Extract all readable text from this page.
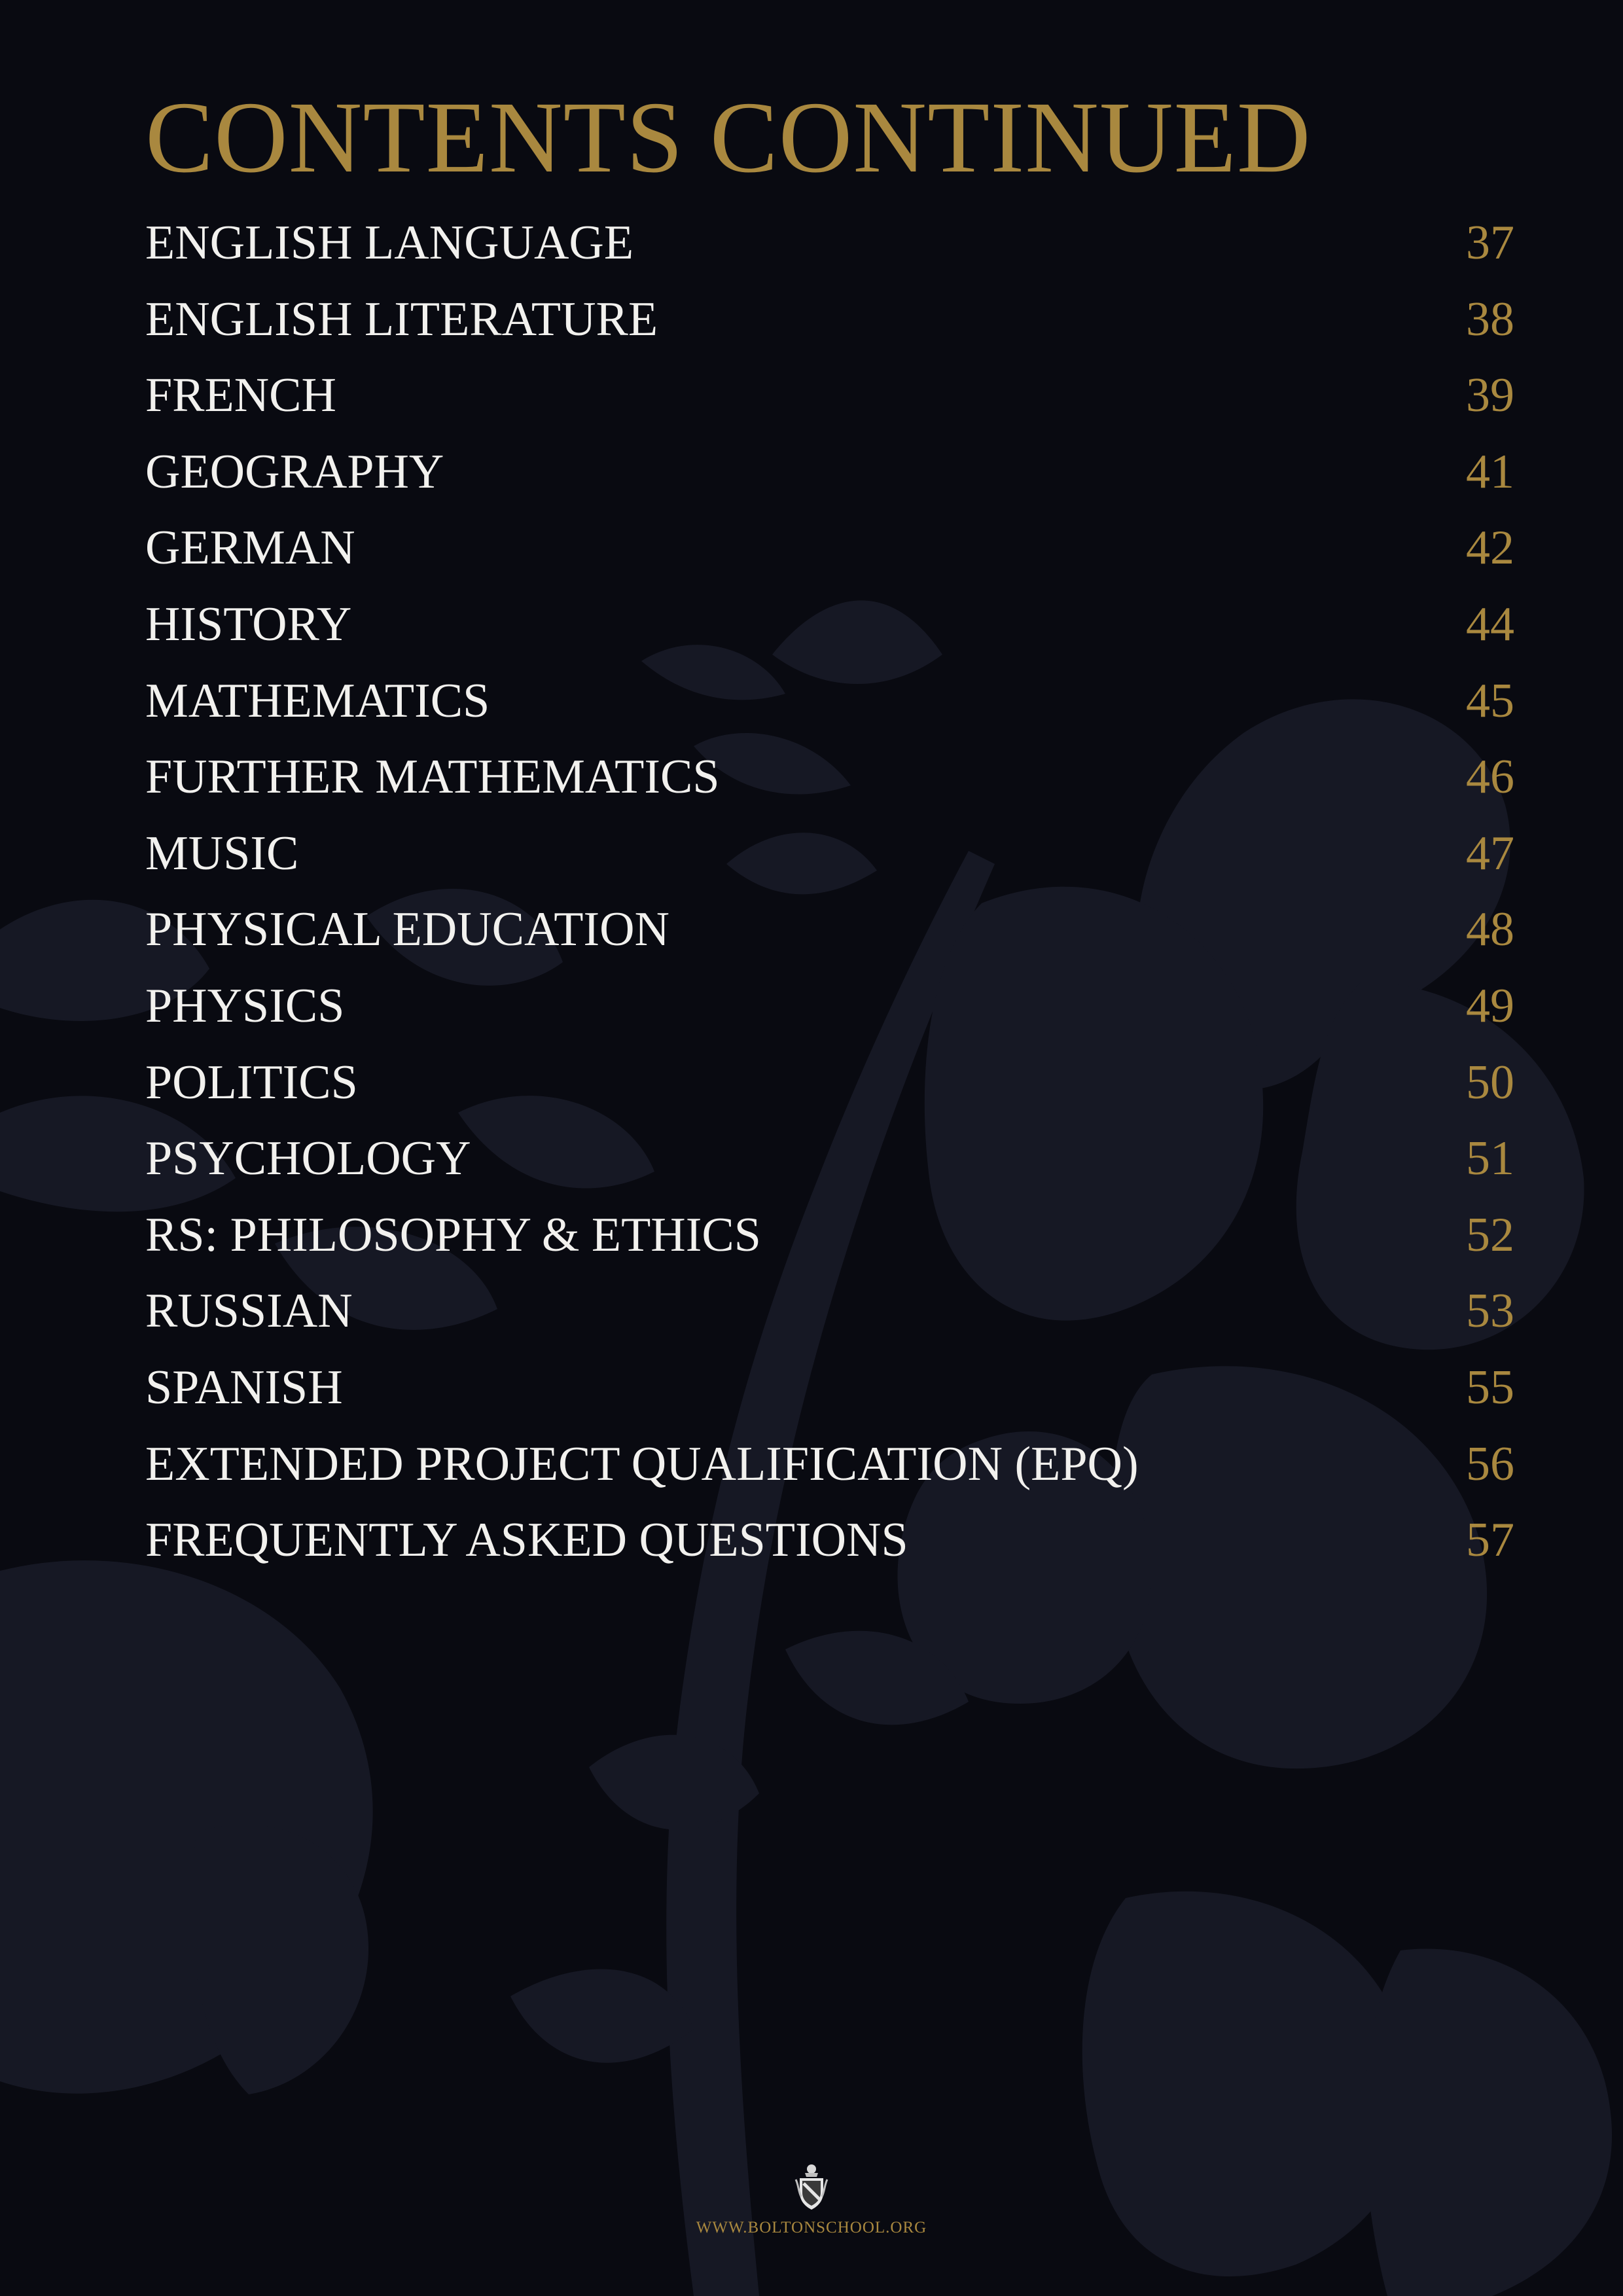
CONTENTS CONTINUED
ENGLISH LANGUAGE	37
ENGLISH LITERATURE	38
FRENCH	39
GEOGRAPHY	41
GERMAN	42
HISTORY	44
MATHEMATICS	45
FURTHER MATHEMATICS	46
MUSIC	47
PHYSICAL EDUCATION	48
PHYSICS	49
POLITICS	50
PSYCHOLOGY	51
RS: PHILOSOPHY & ETHICS	52
RUSSIAN	53
SPANISH	55
EXTENDED PROJECT QUALIFICATION (EPQ)	56
FREQUENTLY ASKED QUESTIONS	57
WWW.BOLTONSCHOOL.ORG
